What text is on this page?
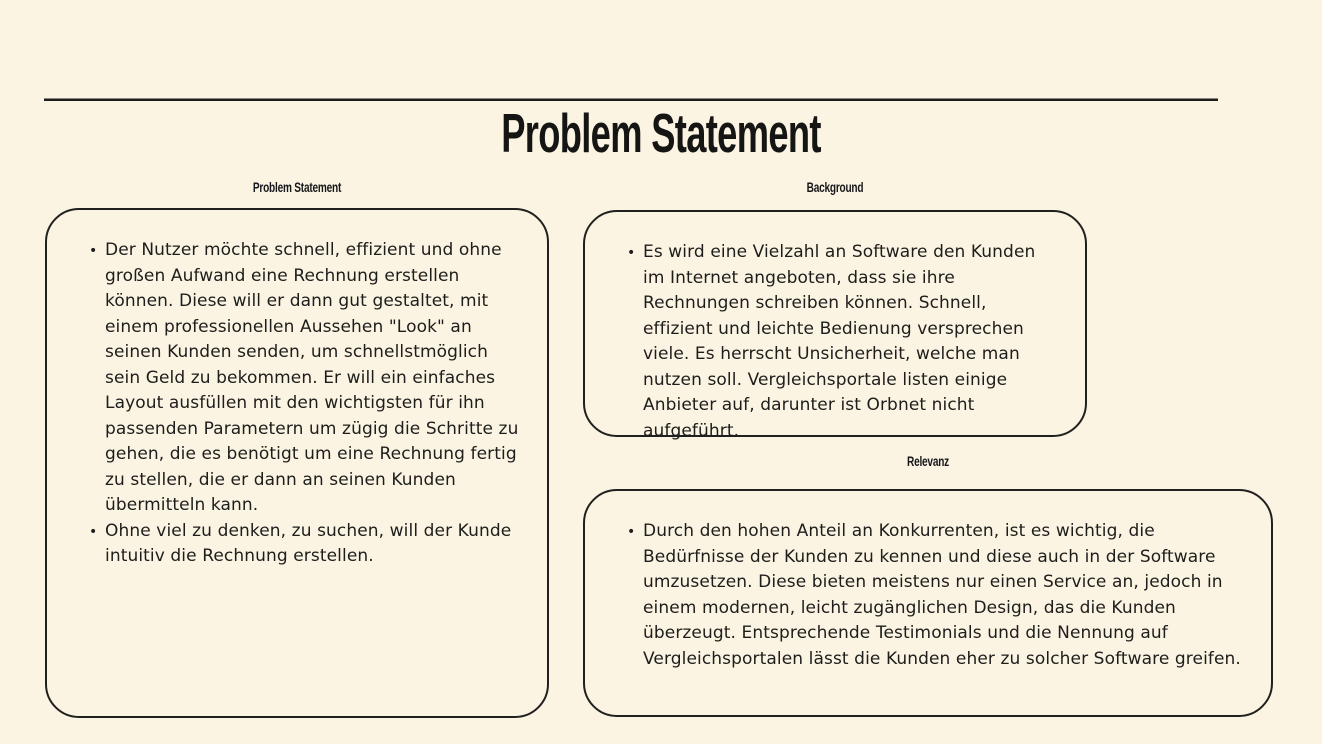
Problem Statement
Problem Statement
• Der Nutzer möchte schnell, effizient und ohne großen Aufwand eine Rechnung erstellen können. Diese will er dann gut gestaltet, mit einem professionellen Aussehen "Look" an seinen Kunden senden, um schnellstmöglich sein Geld zu bekommen. Er will ein einfaches Layout ausfüllen mit den wichtigsten für ihn passenden Parametern um zügig die Schritte zu gehen, die es benötigt um eine Rechnung fertig zu stellen, die er dann an seinen Kunden übermitteln kann.
• Ohne viel zu denken, zu suchen, will der Kunde intuitiv die Rechnung erstellen.
Background
• Es wird eine Vielzahl an Software den Kunden im Internet angeboten, dass sie ihre Rechnungen schreiben können. Schnell, effizient und leichte Bedienung versprechen viele. Es herrscht Unsicherheit, welche man nutzen soll. Vergleichsportale listen einige Anbieter auf, darunter ist Orbnet nicht aufgeführt.
Relevanz
• Durch den hohen Anteil an Konkurrenten, ist es wichtig, die Bedürfnisse der Kunden zu kennen und diese auch in der Software umzusetzen. Diese bieten meistens nur einen Service an, jedoch in einem modernen, leicht zugänglichen Design, das die Kunden überzeugt. Entsprechende Testimonials und die Nennung auf Vergleichsportalen lässt die Kunden eher zu solcher Software greifen.
